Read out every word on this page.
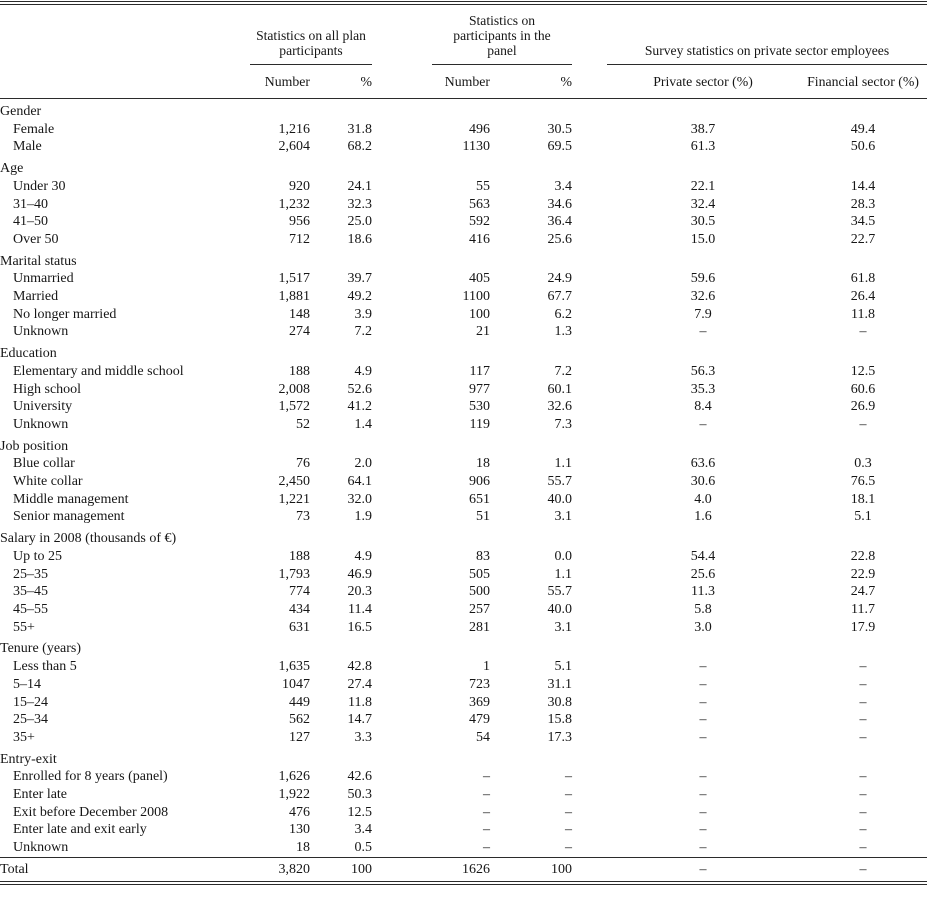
	Statistics on all plan participants			Statistics on participants in the panel			Survey statistics on private sector employees	

	Number	%		Number	%		Private sector (%)	Financial sector (%)
Gender								
Female	1,216	31.8		496	30.5		38.7	49.4
Male	2,604	68.2		1130	69.5		61.3	50.6
Age								
Under 30	920	24.1		55	3.4		22.1	14.4
31–40	1,232	32.3		563	34.6		32.4	28.3
41–50	956	25.0		592	36.4		30.5	34.5
Over 50	712	18.6		416	25.6		15.0	22.7
Marital status								
Unmarried	1,517	39.7		405	24.9		59.6	61.8
Married	1,881	49.2		1100	67.7		32.6	26.4
No longer married	148	3.9		100	6.2		7.9	11.8
Unknown	274	7.2		21	1.3		–	–
Education								
Elementary and middle school	188	4.9		117	7.2		56.3	12.5
High school	2,008	52.6		977	60.1		35.3	60.6
University	1,572	41.2		530	32.6		8.4	26.9
Unknown	52	1.4		119	7.3		–	–
Job position								
Blue collar	76	2.0		18	1.1		63.6	0.3
White collar	2,450	64.1		906	55.7		30.6	76.5
Middle management	1,221	32.0		651	40.0		4.0	18.1
Senior management	73	1.9		51	3.1		1.6	5.1
Salary in 2008 (thousands of €)								
Up to 25	188	4.9		83	0.0		54.4	22.8
25–35	1,793	46.9		505	1.1		25.6	22.9
35–45	774	20.3		500	55.7		11.3	24.7
45–55	434	11.4		257	40.0		5.8	11.7
55+	631	16.5		281	3.1		3.0	17.9
Tenure (years)								
Less than 5	1,635	42.8		1	5.1		–	–
5–14	1047	27.4		723	31.1		–	–
15–24	449	11.8		369	30.8		–	–
25–34	562	14.7		479	15.8		–	–
35+	127	3.3		54	17.3		–	–
Entry-exit								
Enrolled for 8 years (panel)	1,626	42.6		–	–		–	–
Enter late	1,922	50.3		–	–		–	–
Exit before December 2008	476	12.5		–	–		–	–
Enter late and exit early	130	3.4		–	–		–	–
Unknown	18	0.5		–	–		–	–
Total	3,820	100		1626	100		–	–
